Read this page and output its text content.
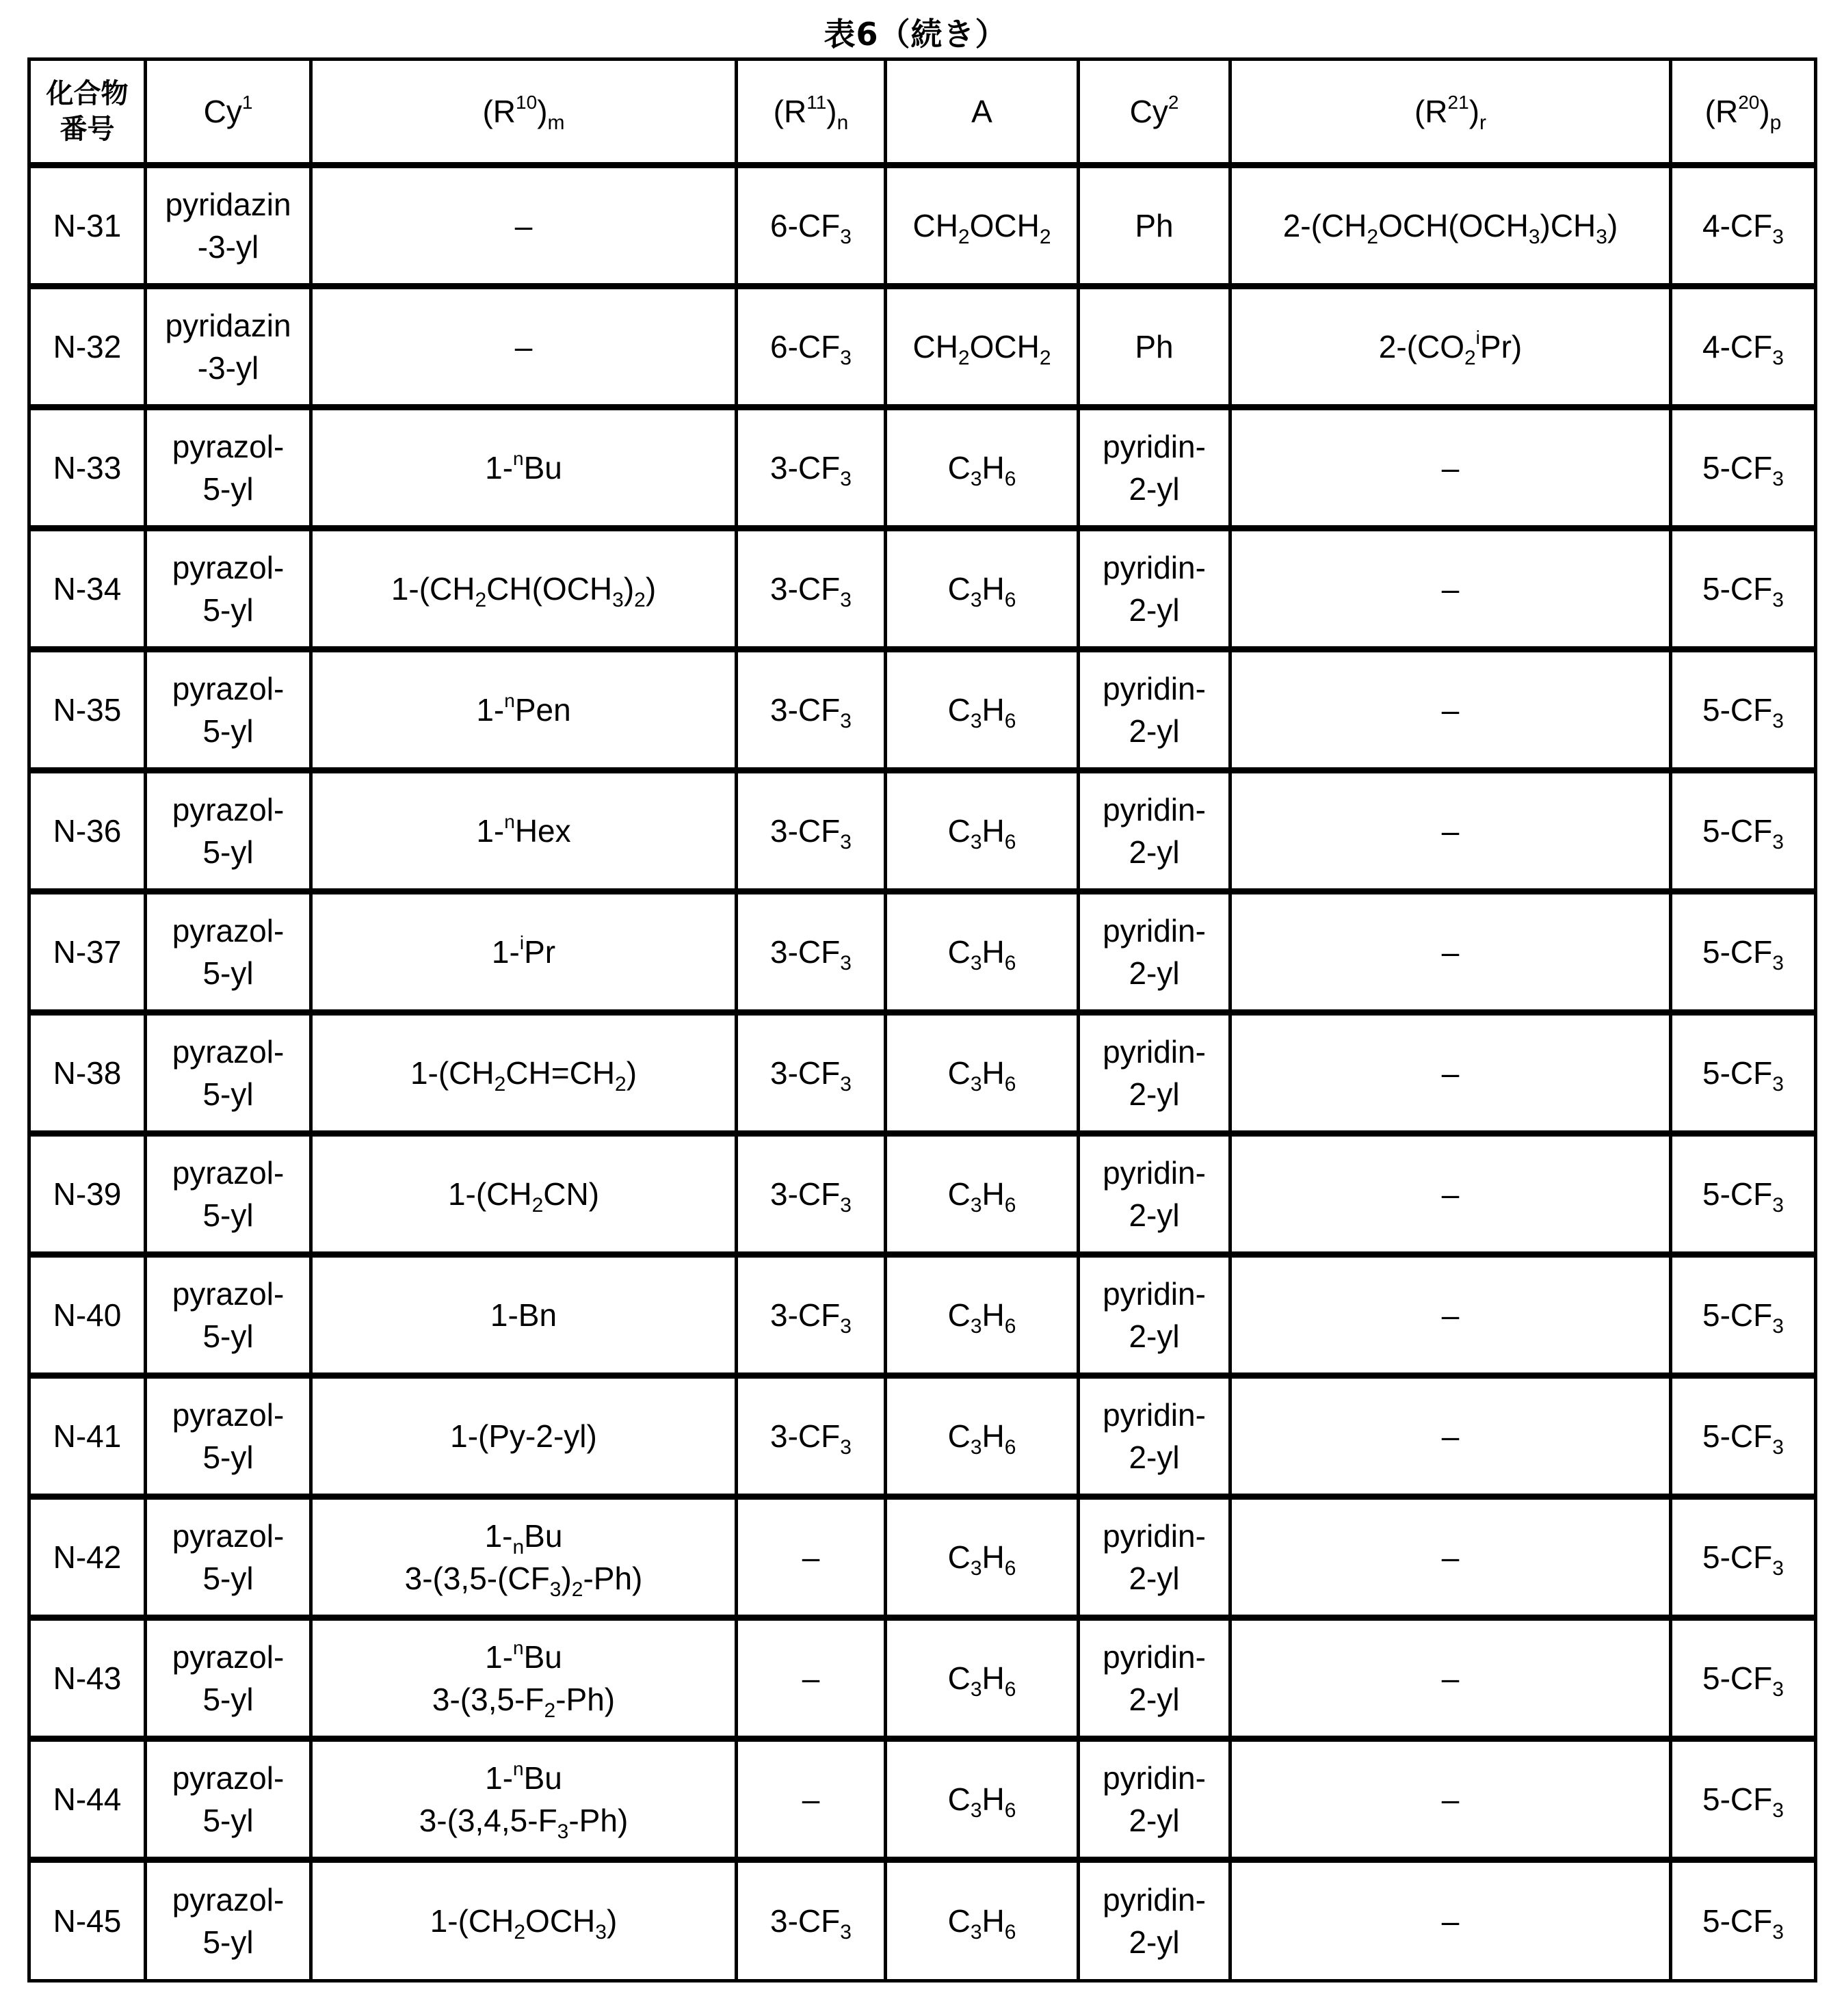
表6（続き）
化合物
番号	Cy$^1$	$(R^{10})_m$	$(R^{11})_n$	A	Cy$^2$	$(R^{21})_r$	$(R^{20})_p$
N-31	pyridazin
-3-yl	–	$6-CF_3$	$CH_2OCH_2$	Ph	$2-(CH_2OCH(OCH_3)CH_3)$	$4-CF_3$

N-32	pyridazin
-3-yl	–	$6-CF_3$	$CH_2OCH_2$	Ph	$2-(CO_2^iPr)$	$4-CF_3$

N-33	pyrazol-
5-yl	1-$^n$Bu	$3-CF_3$	$C_3H_6$	pyridin-
2-yl	–	$5-CF_3$

N-34	pyrazol-
5-yl	$1-(CH_2CH(OCH_3)_2)$	$3-CF_3$	$C_3H_6$	pyridin-
2-yl	–	$5-CF_3$

N-35	pyrazol-
5-yl	1-$^n$Pen	$3-CF_3$	$C_3H_6$	pyridin-
2-yl	–	$5-CF_3$

N-36	pyrazol-
5-yl	1-$^n$Hex	$3-CF_3$	$C_3H_6$	pyridin-
2-yl	–	$5-CF_3$

N-37	pyrazol-
5-yl	1-$^i$Pr	$3-CF_3$	$C_3H_6$	pyridin-
2-yl	–	$5-CF_3$

N-38	pyrazol-
5-yl	$1-(CH_2CH=CH_2)$	$3-CF_3$	$C_3H_6$	pyridin-
2-yl	–	$5-CF_3$

N-39	pyrazol-
5-yl	$1-(CH_2CN)$	$3-CF_3$	$C_3H_6$	pyridin-
2-yl	–	$5-CF_3$

N-40	pyrazol-
5-yl	1-Bn	$3-CF_3$	$C_3H_6$	pyridin-
2-yl	–	$5-CF_3$

N-41	pyrazol-
5-yl	1-(Py-2-yl)	$3-CF_3$	$C_3H_6$	pyridin-
2-yl	–	$5-CF_3$

N-42	pyrazol-
5-yl	$1-_nBu$
$3-(3,5-(CF_3)_2-Ph)$	–	$C_3H_6$	pyridin-
2-yl	–	$5-CF_3$

N-43	pyrazol-
5-yl	1-$^n$Bu
$3-(3,5-F_2-Ph)$	–	$C_3H_6$	pyridin-
2-yl	–	$5-CF_3$

N-44	pyrazol-
5-yl	1-$^n$Bu
$3-(3,4,5-F_3-Ph)$	–	$C_3H_6$	pyridin-
2-yl	–	$5-CF_3$

N-45	pyrazol-
5-yl	$1-(CH_2OCH_3)$	$3-CF_3$	$C_3H_6$	pyridin-
2-yl	–	$5-CF_3$
